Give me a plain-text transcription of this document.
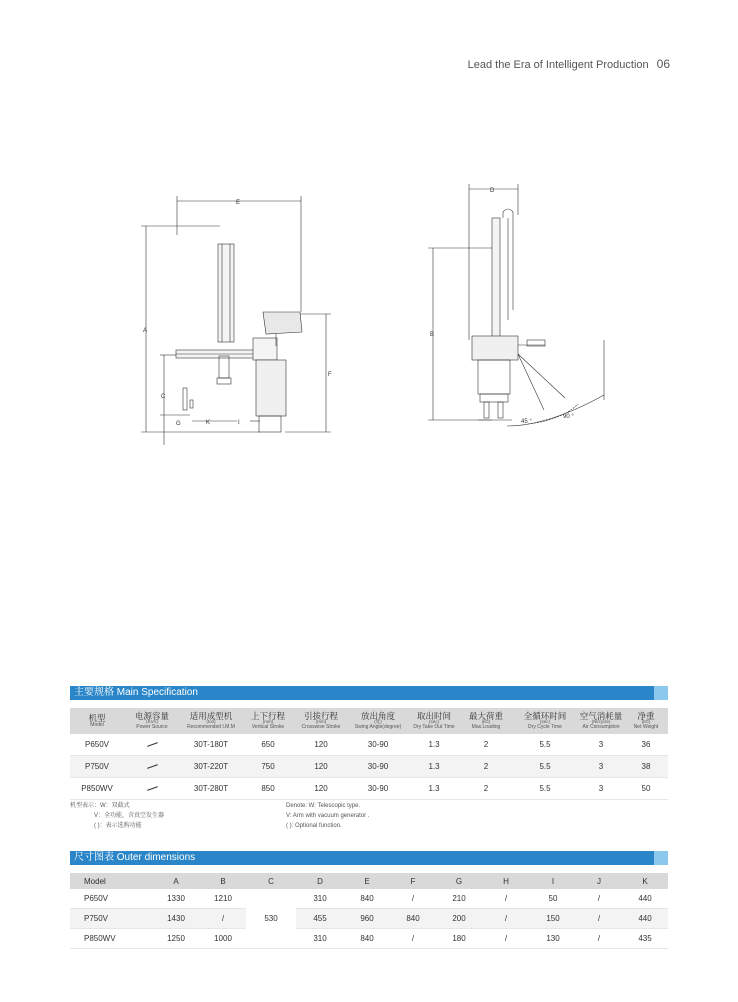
Lead the Era of Intelligent Production 06
E
A
F
C
G	K	I
D
B
90 °
45 °
主要规格 Main Specification
机型
Model	电源容量
(KVA)
Power Source	适用成型机
(ton)
Recommended I.M.M	上下行程
(mm)
Vertical Stroke	引拔行程
(mm)
Crosswise Stroke	放出角度
(度)
Swing Angle(degree)	取出时间
(sec)
Dry Take Out Time	最大荷重
(kG)
Max.Loading	全循环时间
(sec)
Dry Cycle Time	空气消耗量
(Nl/cycle)
Air Consumption	净重
(kG)
Net Weight

P650V		30T-180T	650	120	30-90	1.3	2	5.5	3	36
P750V		30T-220T	750	120	30-90	1.3	2	5.5	3	38
P850WV		30T-280T	850	120	30-90	1.3	2	5.5	3	50
机型表示：W：双截式
V：全功能，含真空发生器
( )：表示选购功能
Denote: W: Telescopic type.
V: Arm with vacuum generator .
( ): Optional function.
尺寸图表 Outer dimensions
Model	A	B	C	D	E	F	G	H	I	J	K
P650V	1330	1210	530	310	840	/	210	/	50	/	440
P750V	1430	/		455	960	840	200	/	150	/	440
P850WV	1250	1000		310	840	/	180	/	130	/	435
